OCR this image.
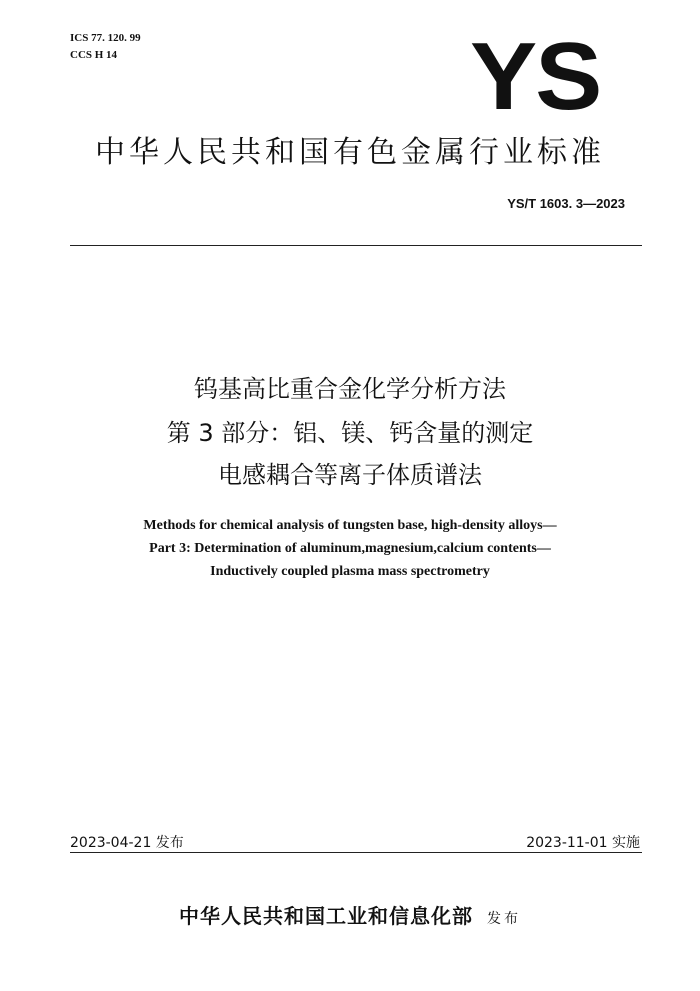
ICS 77. 120. 99
CCS H 14	YS
中华人民共和国有色金属行业标准
YS/T 1603. 3—2023
钨基高比重合金化学分析方法
第 3 部分：铝、镁、钙含量的测定
电感耦合等离子体质谱法
Methods for chemical analysis of tungsten base, high-density alloys—
Part 3: Determination of aluminum,magnesium,calcium contents—
Inductively coupled plasma mass spectrometry
2023-04-21 发布	2023-11-01 实施
中华人民共和国工业和信息化部 发布
